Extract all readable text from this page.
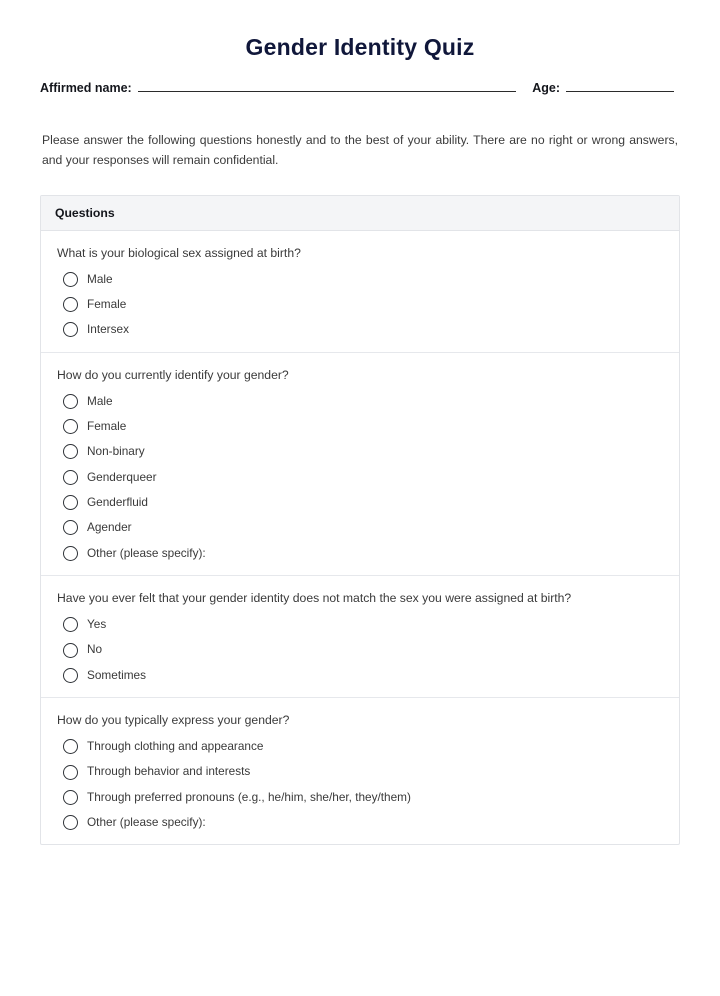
Gender Identity Quiz
Affirmed name:	Age:
Please answer the following questions honestly and to the best of your ability. There are no right or wrong answers, and your responses will remain confidential.
Questions
What is your biological sex assigned at birth?
Male
Female
Intersex
How do you currently identify your gender?
Male
Female
Non-binary
Genderqueer
Genderfluid
Agender
Other (please specify):
Have you ever felt that your gender identity does not match the sex you were assigned at birth?
Yes
No
Sometimes
How do you typically express your gender?
Through clothing and appearance
Through behavior and interests
Through preferred pronouns (e.g., he/him, she/her, they/them)
Other (please specify):
